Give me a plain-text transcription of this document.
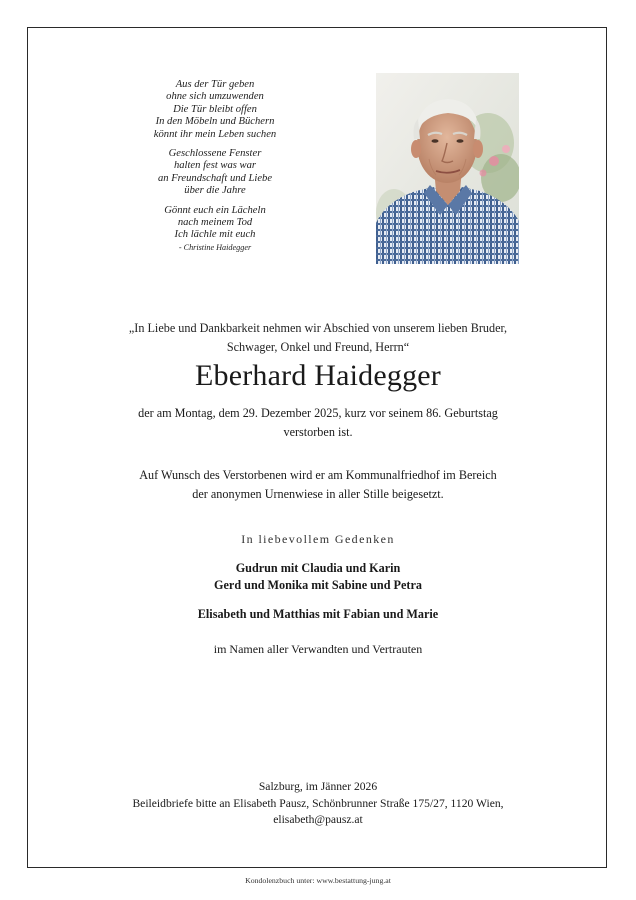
Aus der Tür geben
ohne sich umzuwenden
Die Tür bleibt offen
In den Möbeln und Büchern
könnt ihr mein Leben suchen
Geschlossene Fenster
halten fest was war
an Freundschaft und Liebe
über die Jahre
Gönnt euch ein Lächeln
nach meinem Tod
Ich lächle mit euch
- Christine Haidegger
„In Liebe und Dankbarkeit nehmen wir Abschied von unserem lieben Bruder,
Schwager, Onkel und Freund, Herrn“
Eberhard Haidegger
der am Montag, dem 29. Dezember 2025, kurz vor seinem 86. Geburtstag
verstorben ist.
Auf Wunsch des Verstorbenen wird er am Kommunalfriedhof im Bereich
der anonymen Urnenwiese in aller Stille beigesetzt.
In liebevollem Gedenken
Gudrun mit Claudia und Karin
Gerd und Monika mit Sabine und Petra
Elisabeth und Matthias mit Fabian und Marie
im Namen aller Verwandten und Vertrauten
Salzburg, im Jänner 2026
Beileidbriefe bitte an Elisabeth Pausz, Schönbrunner Straße 175/27, 1120 Wien,
elisabeth@pausz.at
Kondolenzbuch unter: www.bestattung-jung.at
